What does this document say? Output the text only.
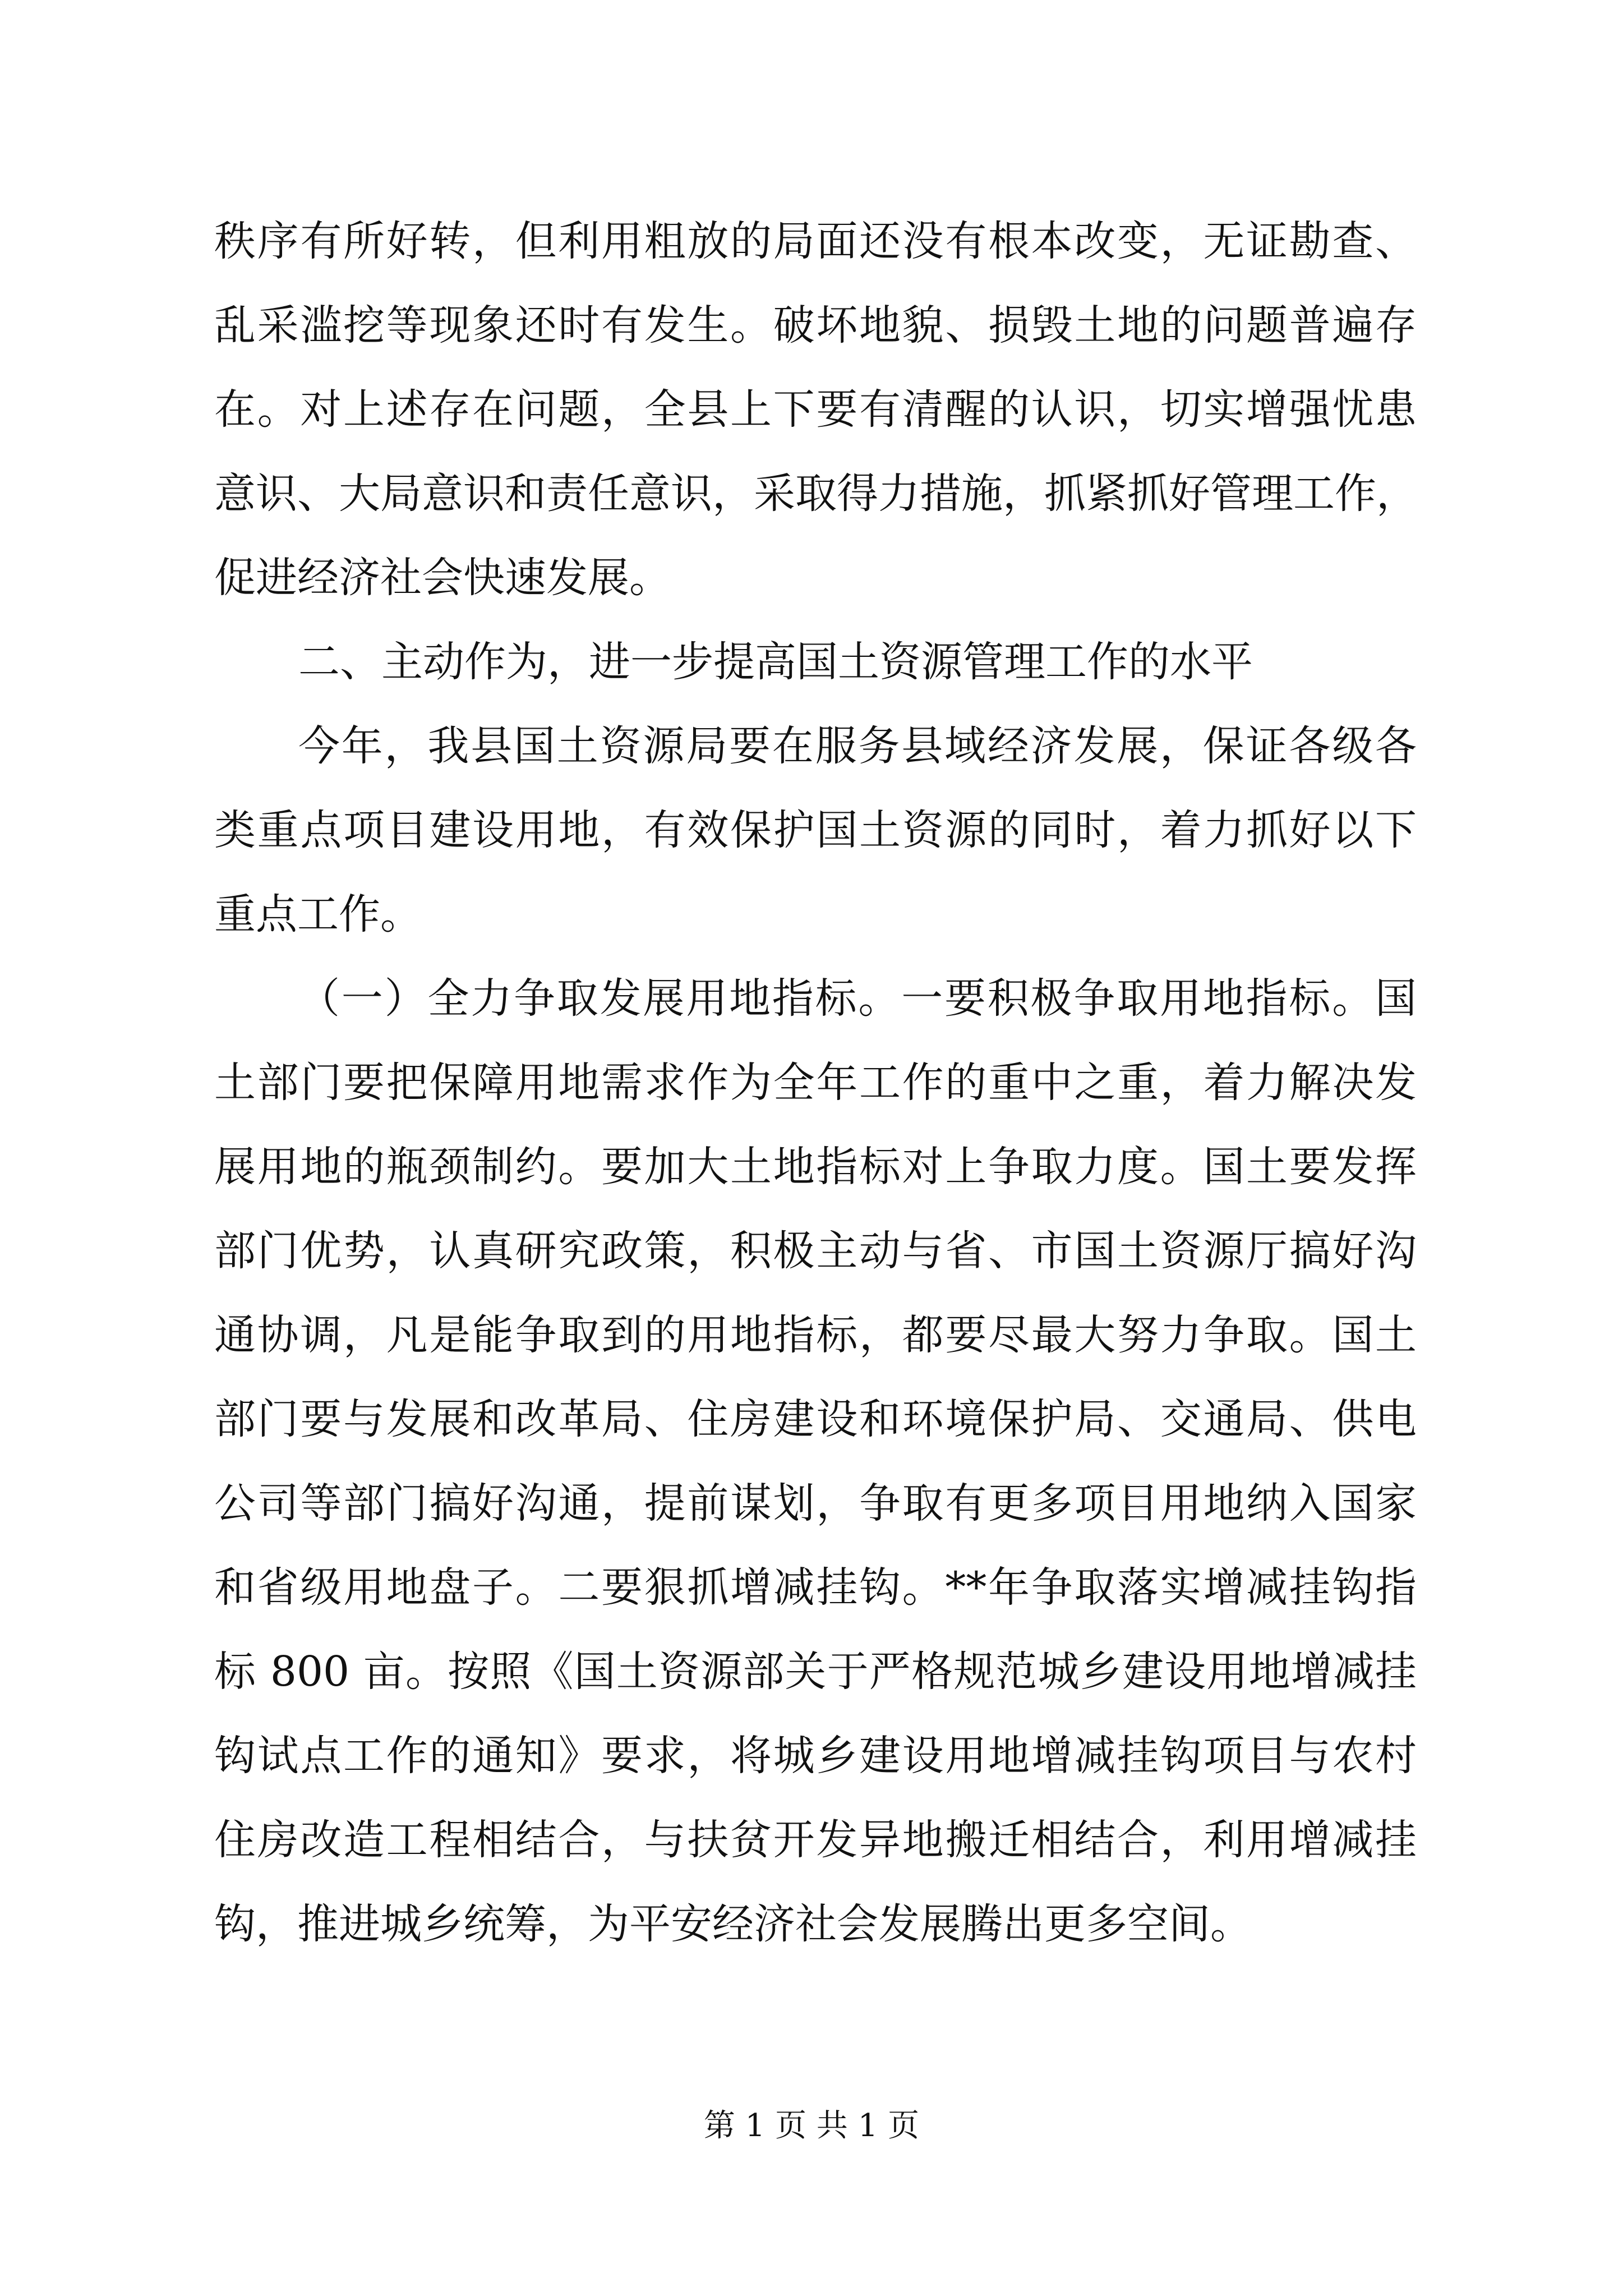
秩序有所好转，但利用粗放的局面还没有根本改变，无证勘查、
乱采滥挖等现象还时有发生。破坏地貌、损毁土地的问题普遍存
在。对上述存在问题，全县上下要有清醒的认识，切实增强忧患
意识、大局意识和责任意识，采取得力措施，抓紧抓好管理工作，
促进经济社会快速发展。
二、主动作为，进一步提高国土资源管理工作的水平
今年，我县国土资源局要在服务县域经济发展，保证各级各
类重点项目建设用地，有效保护国土资源的同时，着力抓好以下
重点工作。
（一）全力争取发展用地指标。一要积极争取用地指标。国
土部门要把保障用地需求作为全年工作的重中之重，着力解决发
展用地的瓶颈制约。要加大土地指标对上争取力度。国土要发挥
部门优势，认真研究政策，积极主动与省、市国土资源厅搞好沟
通协调，凡是能争取到的用地指标，都要尽最大努力争取。国土
部门要与发展和改革局、住房建设和环境保护局、交通局、供电
公司等部门搞好沟通，提前谋划，争取有更多项目用地纳入国家
和省级用地盘子。二要狠抓增减挂钩。**年争取落实增减挂钩指
标 800 亩。按照《国土资源部关于严格规范城乡建设用地增减挂
钩试点工作的通知》要求，将城乡建设用地增减挂钩项目与农村
住房改造工程相结合，与扶贫开发异地搬迁相结合，利用增减挂
钩，推进城乡统筹，为平安经济社会发展腾出更多空间。
第 1 页 共 1 页
